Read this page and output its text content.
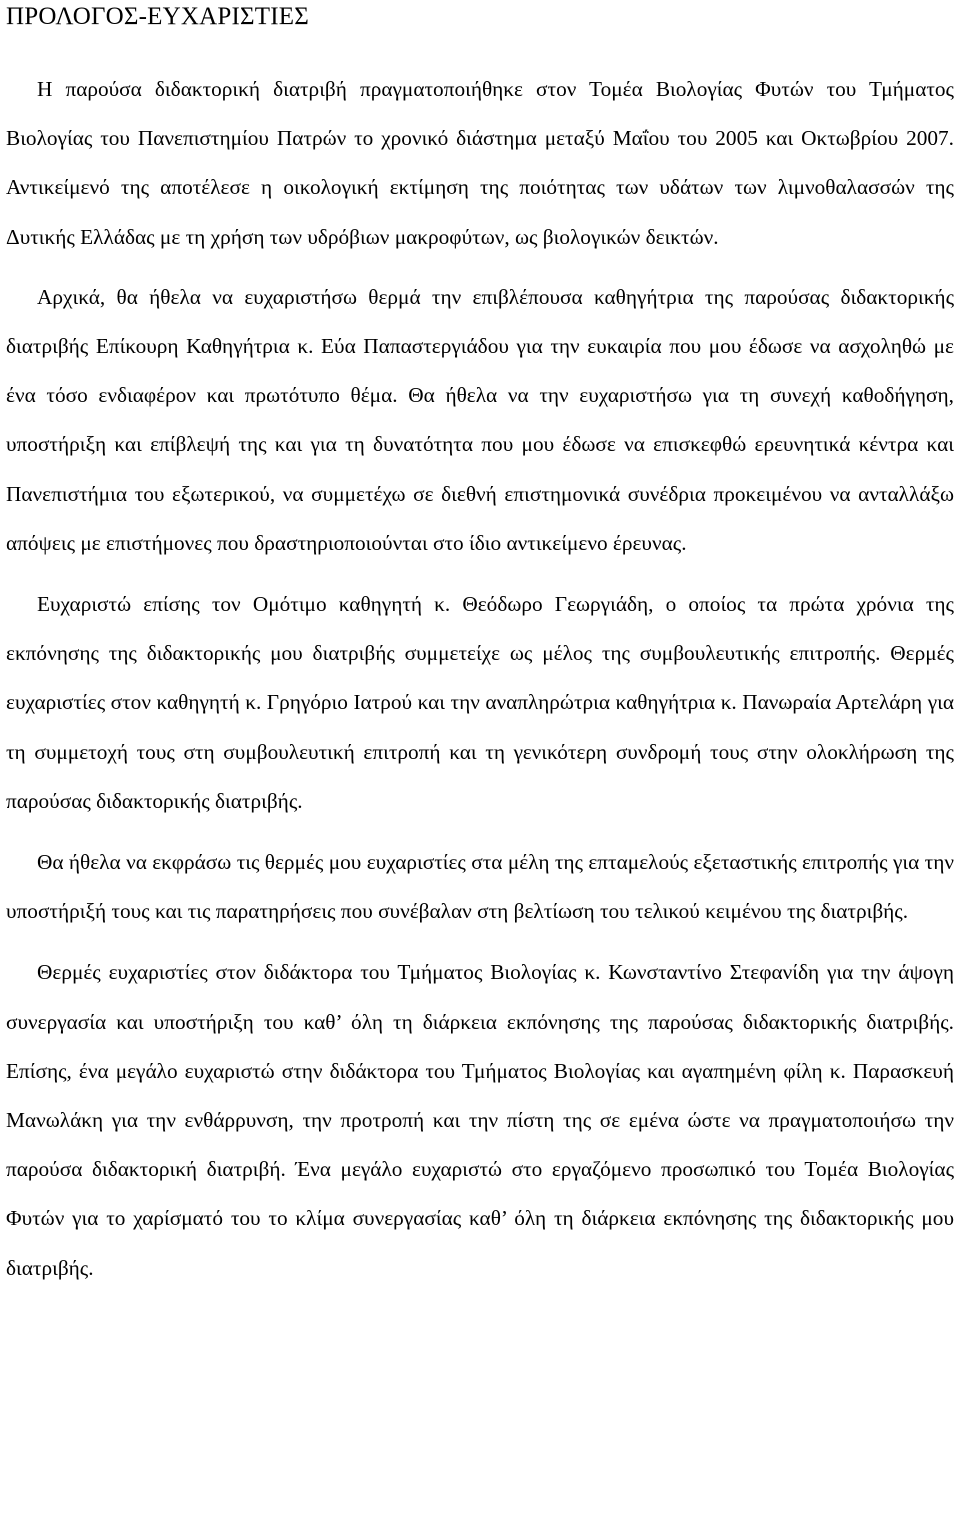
ΠΡΟΛΟΓΟΣ-ΕΥΧΑΡΙΣΤΙΕΣ

Η παρούσα διδακτορική διατριβή πραγματοποιήθηκε στον Τομέα Βιολογίας Φυτών του Τμήματος Βιολογίας του Πανεπιστημίου Πατρών το χρονικό διάστημα μεταξύ Μαΐου του 2005 και Οκτωβρίου 2007. Αντικείμενό της αποτέλεσε η οικολογική εκτίμηση της ποιότητας των υδάτων των λιμνοθαλασσών της Δυτικής Ελλάδας με τη χρήση των υδρόβιων μακροφύτων, ως βιολογικών δεικτών.

Αρχικά, θα ήθελα να ευχαριστήσω θερμά την επιβλέπουσα καθηγήτρια της παρούσας διδακτορικής διατριβής Επίκουρη Καθηγήτρια κ. Εύα Παπαστεργιάδου για την ευκαιρία που μου έδωσε να ασχοληθώ με ένα τόσο ενδιαφέρον και πρωτότυπο θέμα. Θα ήθελα να την ευχαριστήσω για τη συνεχή καθοδήγηση, υποστήριξη και επίβλεψή της και για τη δυνατότητα που μου έδωσε να επισκεφθώ ερευνητικά κέντρα και Πανεπιστήμια του εξωτερικού, να συμμετέχω σε διεθνή επιστημονικά συνέδρια προκειμένου να ανταλλάξω απόψεις με επιστήμονες που δραστηριοποιούνται στο ίδιο αντικείμενο έρευνας.

Ευχαριστώ επίσης τον Ομότιμο καθηγητή κ. Θεόδωρο Γεωργιάδη, ο οποίος τα πρώτα χρόνια της εκπόνησης της διδακτορικής μου διατριβής συμμετείχε ως μέλος της συμβουλευτικής επιτροπής. Θερμές ευχαριστίες στον καθηγητή κ. Γρηγόριο Ιατρού και την αναπληρώτρια καθηγήτρια κ. Πανωραία Αρτελάρη για τη συμμετοχή τους στη συμβουλευτική επιτροπή και τη γενικότερη συνδρομή τους στην ολοκλήρωση της παρούσας διδακτορικής διατριβής.

Θα ήθελα να εκφράσω τις θερμές μου ευχαριστίες στα μέλη της επταμελούς εξεταστικής επιτροπής για την υποστήριξή τους και τις παρατηρήσεις που συνέβαλαν στη βελτίωση του τελικού κειμένου της διατριβής.

Θερμές ευχαριστίες στον διδάκτορα του Τμήματος Βιολογίας κ. Κωνσταντίνο Στεφανίδη για την άψογη συνεργασία και υποστήριξη του καθ’ όλη τη διάρκεια εκπόνησης της παρούσας διδακτορικής διατριβής. Επίσης, ένα μεγάλο ευχαριστώ στην διδάκτορα του Τμήματος Βιολογίας και αγαπημένη φίλη κ. Παρασκευή Μανωλάκη για την ενθάρρυνση, την προτροπή και την πίστη της σε εμένα ώστε να πραγματοποιήσω την παρούσα διδακτορική διατριβή. Ένα μεγάλο ευχαριστώ στο εργαζόμενο προσωπικό του Τομέα Βιολογίας Φυτών για το χαρίσματό του το κλίμα συνεργασίας καθ’ όλη τη διάρκεια εκπόνησης της διδακτορικής μου διατριβής.
